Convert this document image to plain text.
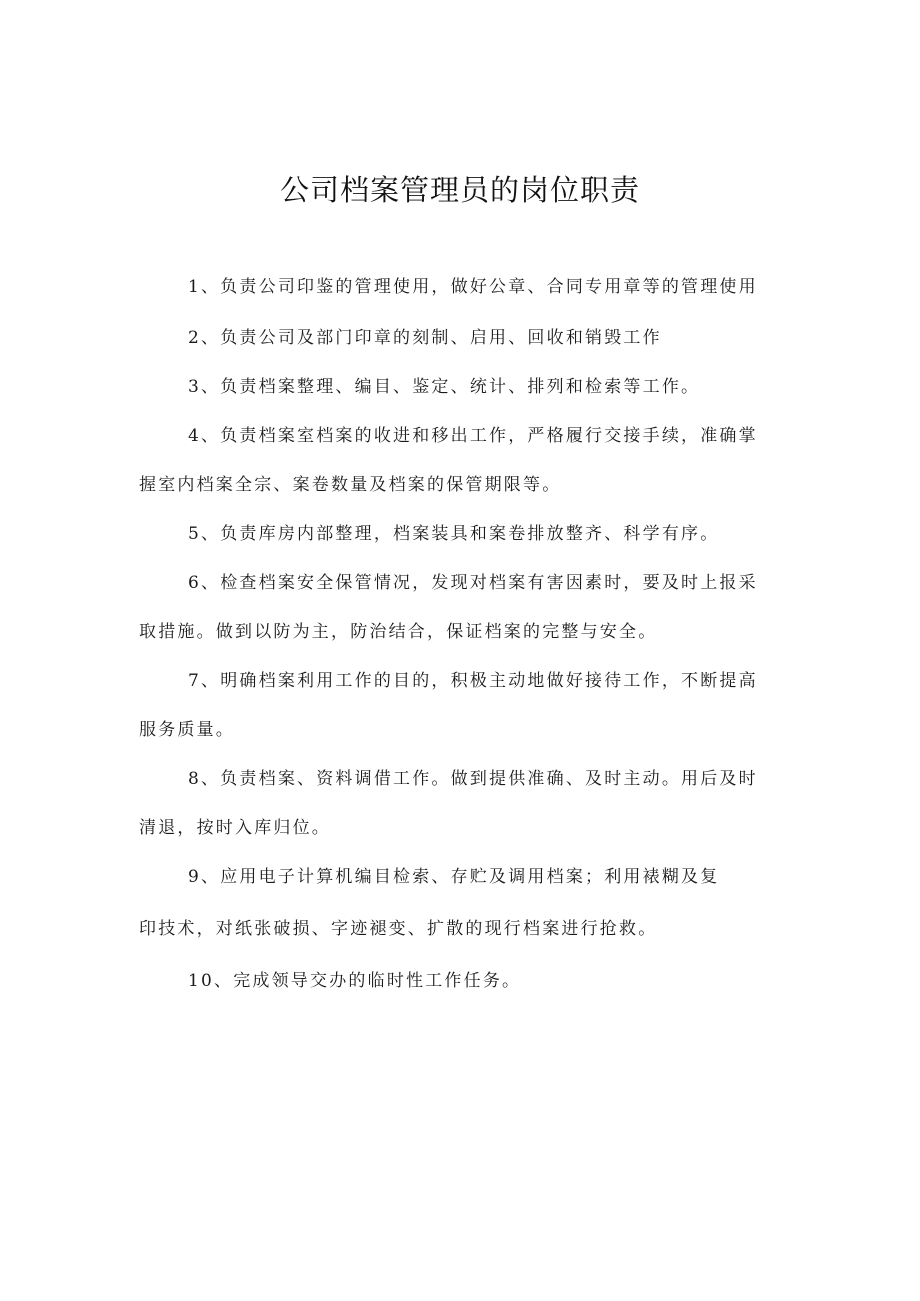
公司档案管理员的岗位职责
1、负责公司印鉴的管理使用，做好公章、合同专用章等的管理使用
2、负责公司及部门印章的刻制、启用、回收和销毁工作
3、负责档案整理、编目、鉴定、统计、排列和检索等工作。
4、负责档案室档案的收进和移出工作，严格履行交接手续，准确掌
握室内档案全宗、案卷数量及档案的保管期限等。
5、负责库房内部整理，档案装具和案卷排放整齐、科学有序。
6、检查档案安全保管情况，发现对档案有害因素时，要及时上报采
取措施。做到以防为主，防治结合，保证档案的完整与安全。
7、明确档案利用工作的目的，积极主动地做好接待工作，不断提高
服务质量。
8、负责档案、资料调借工作。做到提供准确、及时主动。用后及时
清退，按时入库归位。
9、应用电子计算机编目检索、存贮及调用档案；利用裱糊及复
印技术，对纸张破损、字迹褪变、扩散的现行档案进行抢救。
10、完成领导交办的临时性工作任务。
